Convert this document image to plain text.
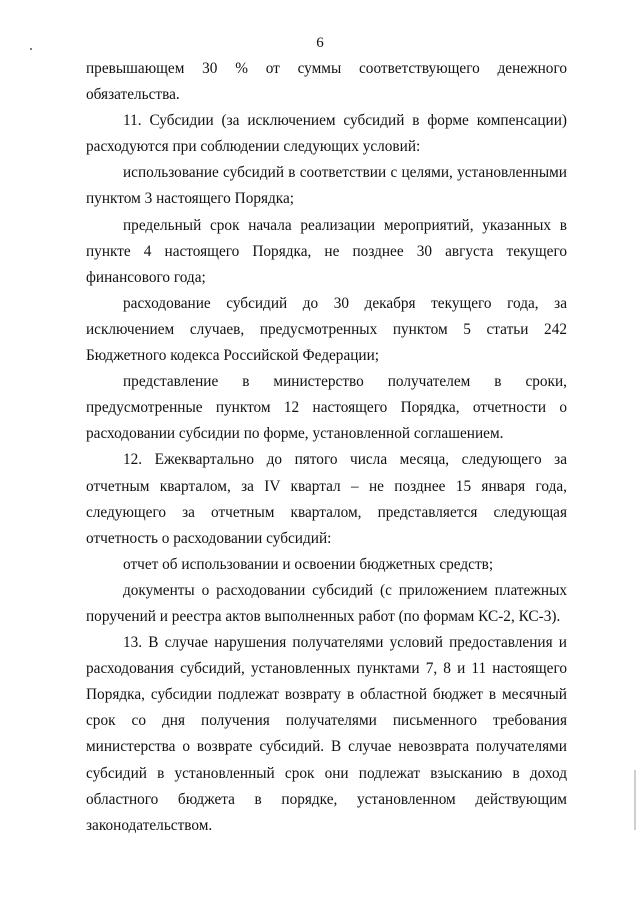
6

превышающем 30 % от суммы соответствующего денежного обязательства.

11. Субсидии (за исключением субсидий в форме компенсации) расходуются при соблюдении следующих условий:

использование субсидий в соответствии с целями, установленными пунктом 3 настоящего Порядка;

предельный срок начала реализации мероприятий, указанных в пункте 4 настоящего Порядка, не позднее 30 августа текущего финансового года;

расходование субсидий до 30 декабря текущего года, за исключением случаев, предусмотренных пунктом 5 статьи 242 Бюджетного кодекса Российской Федерации;

представление в министерство получателем в сроки, предусмотренные пунктом 12 настоящего Порядка, отчетности о расходовании субсидии по форме, установленной соглашением.

12. Ежеквартально до пятого числа месяца, следующего за отчетным кварталом, за IV квартал – не позднее 15 января года, следующего за отчетным кварталом, представляется следующая отчетность о расходовании субсидий:

отчет об использовании и освоении бюджетных средств;

документы о расходовании субсидий (с приложением платежных поручений и реестра актов выполненных работ (по формам КС-2, КС-3).

13. В случае нарушения получателями условий предоставления и расходования субсидий, установленных пунктами 7, 8 и 11 настоящего Порядка, субсидии подлежат возврату в областной бюджет в месячный срок со дня получения получателями письменного требования министерства о возврате субсидий. В случае невозврата получателями субсидий в установленный срок они подлежат взысканию в доход областного бюджета в порядке, установленном действующим законодательством.
